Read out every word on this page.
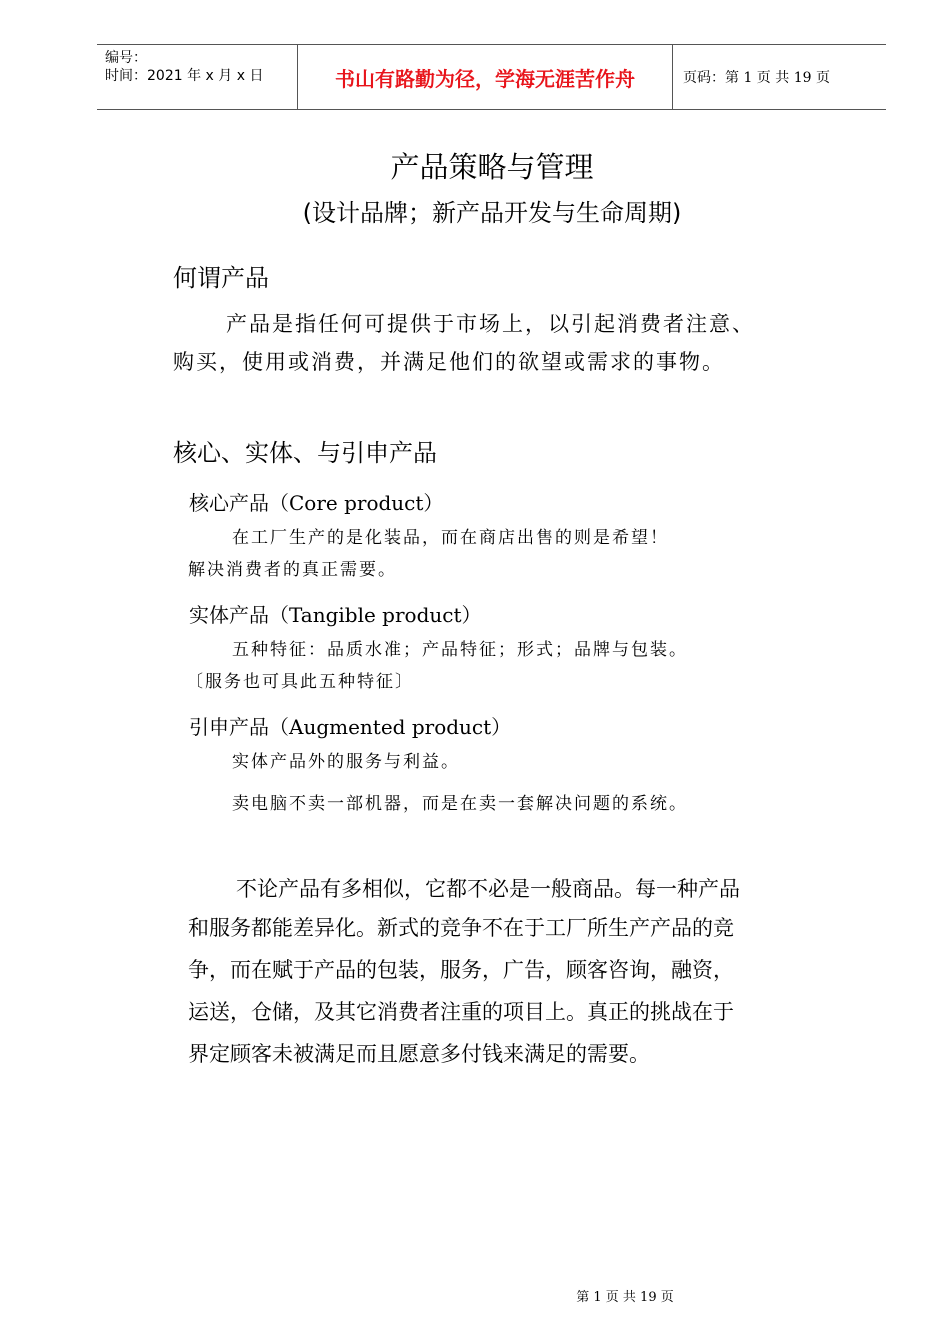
编号：
时间：2021 年 x 月 x 日	书山有路勤为径，学海无涯苦作舟	页码：第 1 页 共 19 页
产品策略与管理
(设计品牌；新产品开发与生命周期)
何谓产品
产品是指任何可提供于市场上，以引起消费者注意、
购买，使用或消费，并满足他们的欲望或需求的事物。
核心、实体、与引申产品
核心产品（Core product）
在工厂生产的是化装品，而在商店出售的则是希望！
解决消费者的真正需要。
实体产品（Tangible product）
五种特征：品质水准；产品特征；形式；品牌与包装。
〔服务也可具此五种特征〕
引申产品（Augmented product）
实体产品外的服务与利益。
卖电脑不卖一部机器，而是在卖一套解决问题的系统。
不论产品有多相似，它都不必是一般商品。每一种产品
和服务都能差异化。新式的竞争不在于工厂所生产产品的竞
争，而在赋于产品的包装，服务，广告，顾客咨询，融资，
运送，仓储，及其它消费者注重的项目上。真正的挑战在于
界定顾客未被满足而且愿意多付钱来满足的需要。
第 1 页 共 19 页
